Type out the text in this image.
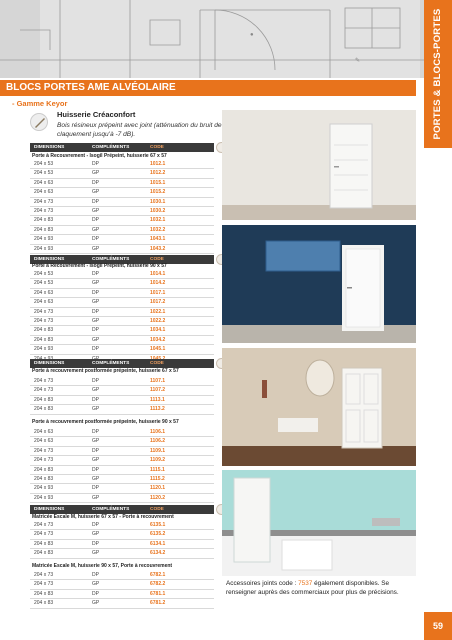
●
✎	PORTES & BLOCS-PORTES
BLOCS PORTES AME ALVÉOLAIRE
- Gamme Keyor
Huisserie Créaconfort
Bois résineux prépeint avec joint (atténuation du bruit de claquement jusqu'à -7 dB).
DIMENSIONS	COMPLÉMENTS	CODE
Porte à Recouvrement - Isogil Prépeint, huisserie 67 x 57
204 x 53	DP	1012.1
204 x 53	GP	1012.2
204 x 63	DP	1015.1
204 x 63	GP	1015.2
204 x 73	DP	1030.1
204 x 73	GP	1030.2
204 x 83	DP	1032.1
204 x 83	GP	1032.2
204 x 93	DP	1043.1
204 x 93	GP	1043.2
DIMENSIONS	COMPLÉMENTS	CODE
Porte à Recouvrement - Isogil Prépeint, huisserie 90 x 57
204 x 53	DP	1014.1
204 x 53	GP	1014.2
204 x 63	DP	1017.1
204 x 63	GP	1017.2
204 x 73	DP	1022.1
204 x 73	GP	1022.2
204 x 83	DP	1034.1
204 x 83	GP	1034.2
204 x 93	DP	1045.1
DIMENSIONS	COMPLÉMENTS	CODE
Porte à recouvrement postformée prépeinte, huisserie 67 x 57
204 x 73	DP	1107.1
204 x 73	GP	1107.2
204 x 83	DP	1113.1
204 x 83	GP	1113.2
Porte à recouvrement postformée prépeinte, huisserie 90 x 57
204 x 63	DP	1106.1
204 x 63	GP	1106.2
204 x 73	DP	1109.1
204 x 73	GP	1109.2
204 x 83	DP	1115.1
204 x 83	GP	1115.2
204 x 93	DP	1120.1
204 x 93	GP	1120.2
DIMENSIONS	COMPLÉMENTS	CODE
Matricée Escale M, huisserie 67 x 57 - Porte à recouvrement
204 x 73	DP	6135.1
204 x 73	GP	6135.2
204 x 83	DP	6134.1
204 x 83	GP	6134.2
Matricée Escale M, huisserie 90 x 57, Porte à recouvrement
204 x 73	DP	6782.1
204 x 73	GP	6782.2
204 x 83	DP	6781.1
204 x 83	GP	6781.2
Accessoires joints code : 7537 également disponibles. Se renseigner auprès des commerciaux pour plus de précisions.
59
